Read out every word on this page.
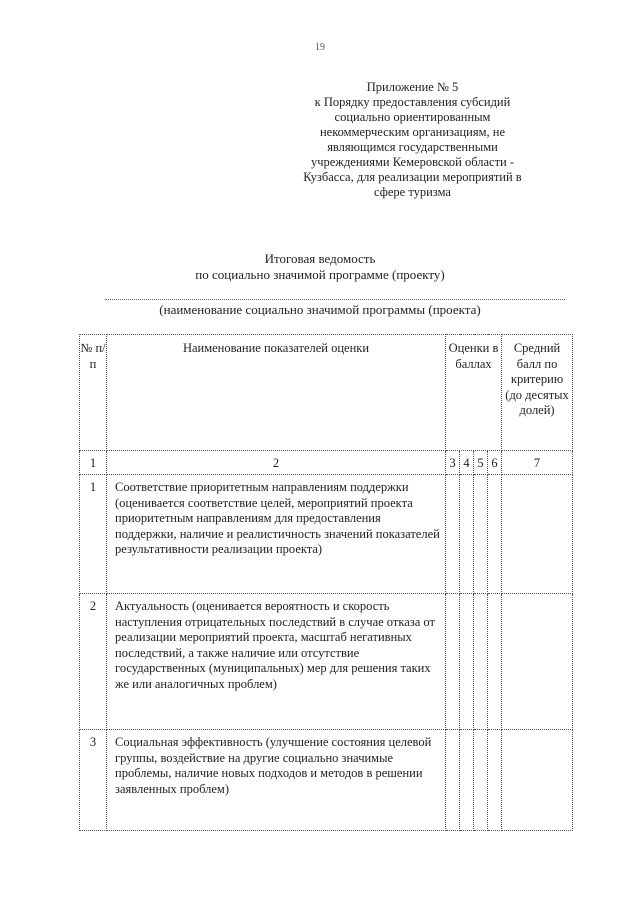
19
Приложение № 5
к Порядку предоставления субсидий
социально ориентированным
некоммерческим организациям, не
являющимся государственными
учреждениями Кемеровской области -
Кузбасса, для реализации мероприятий в
сфере туризма
Итоговая ведомость
по социально значимой программе (проекту)
(наименование социально значимой программы (проекта)
№ п/п	Наименование показателей оценки	Оценки в баллах				Средний балл по критерию (до десятых долей)
1	2	3	4	5	6	7
1	Соответствие приоритетным направлениям поддержки (оценивается соответствие целей, мероприятий проекта приоритетным направлениям для предоставления поддержки, наличие и реалистичность значений показателей результативности реализации проекта)					
2	Актуальность (оценивается вероятность и скорость наступления отрицательных последствий в случае отказа от реализации мероприятий проекта, масштаб негативных последствий, а также наличие или отсутствие государственных (муниципальных) мер для решения таких же или аналогичных проблем)					
3	Социальная эффективность (улучшение состояния целевой группы, воздействие на другие социально значимые проблемы, наличие новых подходов и методов в решении заявленных проблем)					
